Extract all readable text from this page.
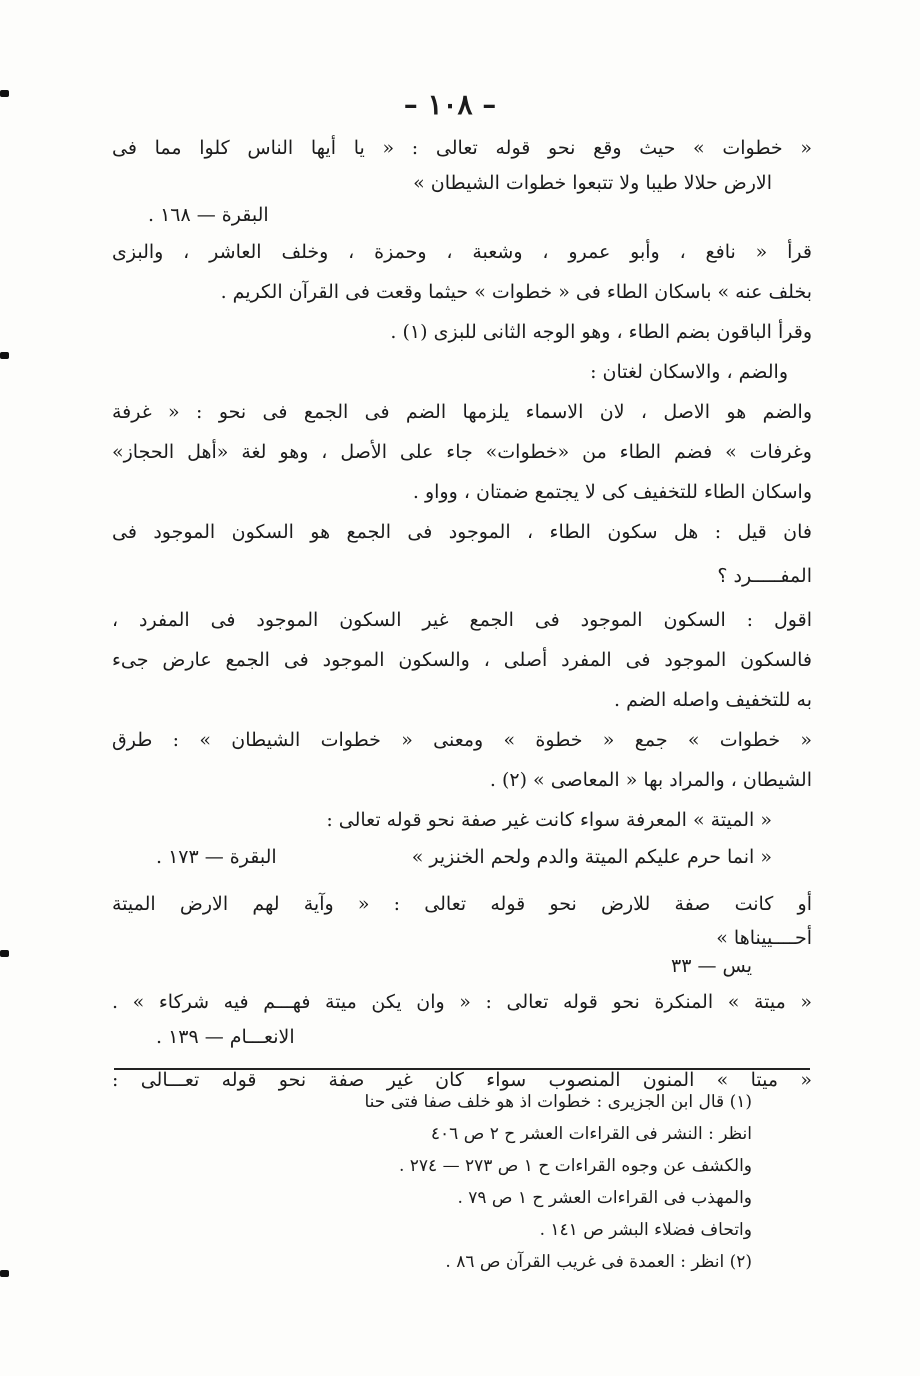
– ١٠٨ –
« خطوات » حيث وقع نحو قوله تعالى : « يا أيها الناس كلوا مما فى
الارض حلالا طيبا ولا تتبعوا خطوات الشيطان »
البقرة — ١٦٨ .
قرأ « نافع ، وأبو عمرو ، وشعبة ، وحمزة ، وخلف العاشر ، والبزى
بخلف عنه » باسكان الطاء فى « خطوات » حيثما وقعت فى القرآن الكريم .
وقرأ الباقون بضم الطاء ، وهو الوجه الثانى للبزى (١) .
والضم ، والاسكان لغتان :
والضم هو الاصل ، لان الاسماء يلزمها الضم فى الجمع فى نحو : « غرفة
وغرفات » فضم الطاء من «خطوات» جاء على الأصل ، وهو لغة «أهل الحجاز»
واسكان الطاء للتخفيف كى لا يجتمع ضمتان ، وواو .
فان قيل : هل سكون الطاء ، الموجود فى الجمع هو السكون الموجود فى
المفـــــرد ؟
اقول : السكون الموجود فى الجمع غير السكون الموجود فى المفرد ،
فالسكون الموجود فى المفرد أصلى ، والسكون الموجود فى الجمع عارض جىء
به للتخفيف واصله الضم .
« خطوات » جمع « خطوة » ومعنى « خطوات الشيطان » : طرق
الشيطان ، والمراد بها « المعاصى » (٢) .
« الميتة » المعرفة سواء كانت غير صفة نحو قوله تعالى :
« انما حرم عليكم الميتة والدم ولحم الخنزير »
البقرة — ١٧٣ .
أو كانت صفة للارض نحو قوله تعالى : « وآية لهم الارض الميتة
أحــــييناها »
يس — ٣٣
« ميتة » المنكرة نحو قوله تعالى : « وان يكن ميتة فهـــم فيه شركاء » .
الانعـــام — ١٣٩ .
« ميتا » المنون المنصوب سواء كان غير صفة نحو قوله تعـــالى :
(١) قال ابن الجزيرى : خطوات اذ هو خلف صفا فتى حنا
انظر : النشر فى القراءات العشر ح ٢ ص ٤٠٦
والكشف عن وجوه القراءات ح ١ ص ٢٧٣ — ٢٧٤ .
والمهذب فى القراءات العشر ح ١ ص ٧٩ .
واتحاف فضلاء البشر ص ١٤١ .
(٢) انظر : العمدة فى غريب القرآن ص ٨٦ .
